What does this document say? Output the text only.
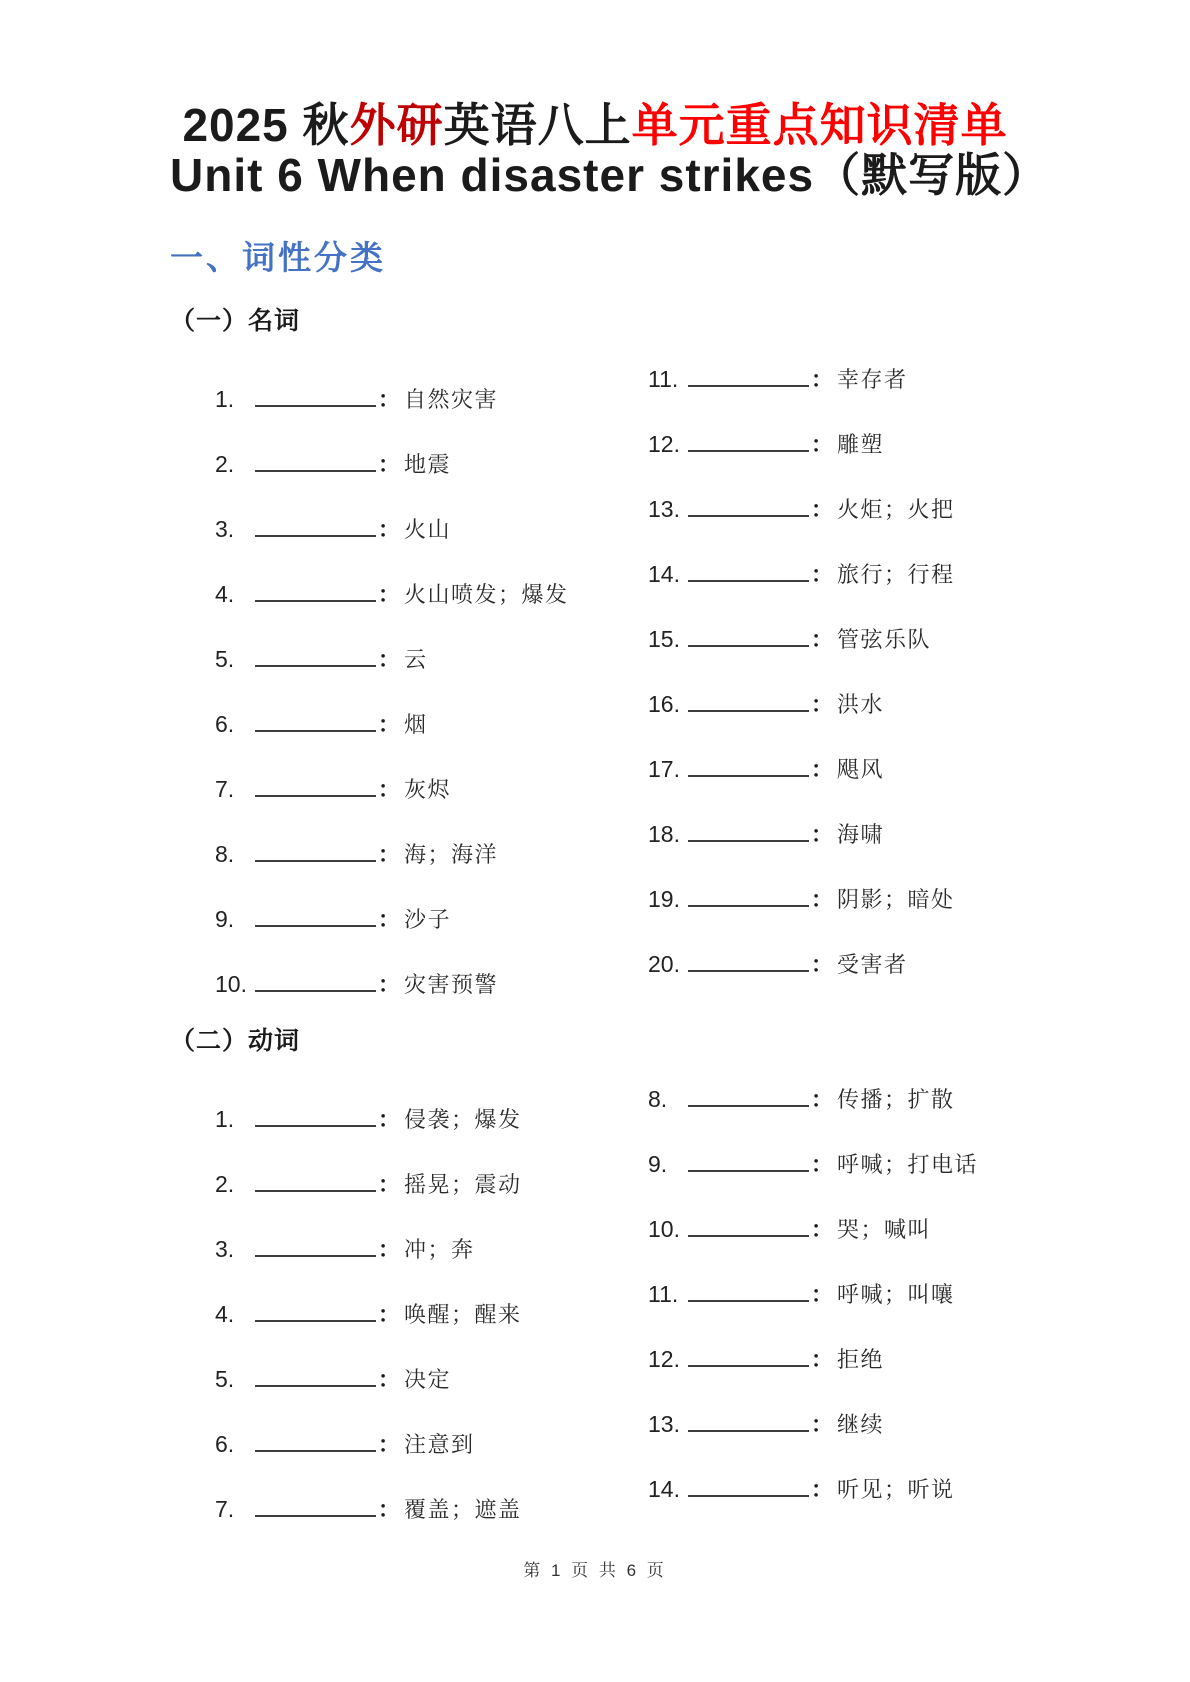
2025 秋外研英语八上单元重点知识清单
Unit 6 When disaster strikes（默写版）
一、词性分类
（一）名词
1.	： 自然灾害
2.	： 地震
3.	： 火山
4.	： 火山喷发；爆发
5.	： 云
6.	： 烟
7.	： 灰烬
8.	： 海；海洋
9.	： 沙子
10.	： 灾害预警
11.	： 幸存者
12.	： 雕塑
13.	： 火炬；火把
14.	： 旅行；行程
15.	： 管弦乐队
16.	： 洪水
17.	： 飓风
18.	： 海啸
19.	： 阴影；暗处
20.	： 受害者
（二）动词
1.	： 侵袭；爆发
2.	： 摇晃；震动
3.	： 冲；奔
4.	： 唤醒；醒来
5.	： 决定
6.	： 注意到
7.	： 覆盖；遮盖
8.	： 传播；扩散
9.	： 呼喊；打电话
10.	： 哭；喊叫
11.	： 呼喊；叫嚷
12.	： 拒绝
13.	： 继续
14.	： 听见；听说
第 1 页 共 6 页
